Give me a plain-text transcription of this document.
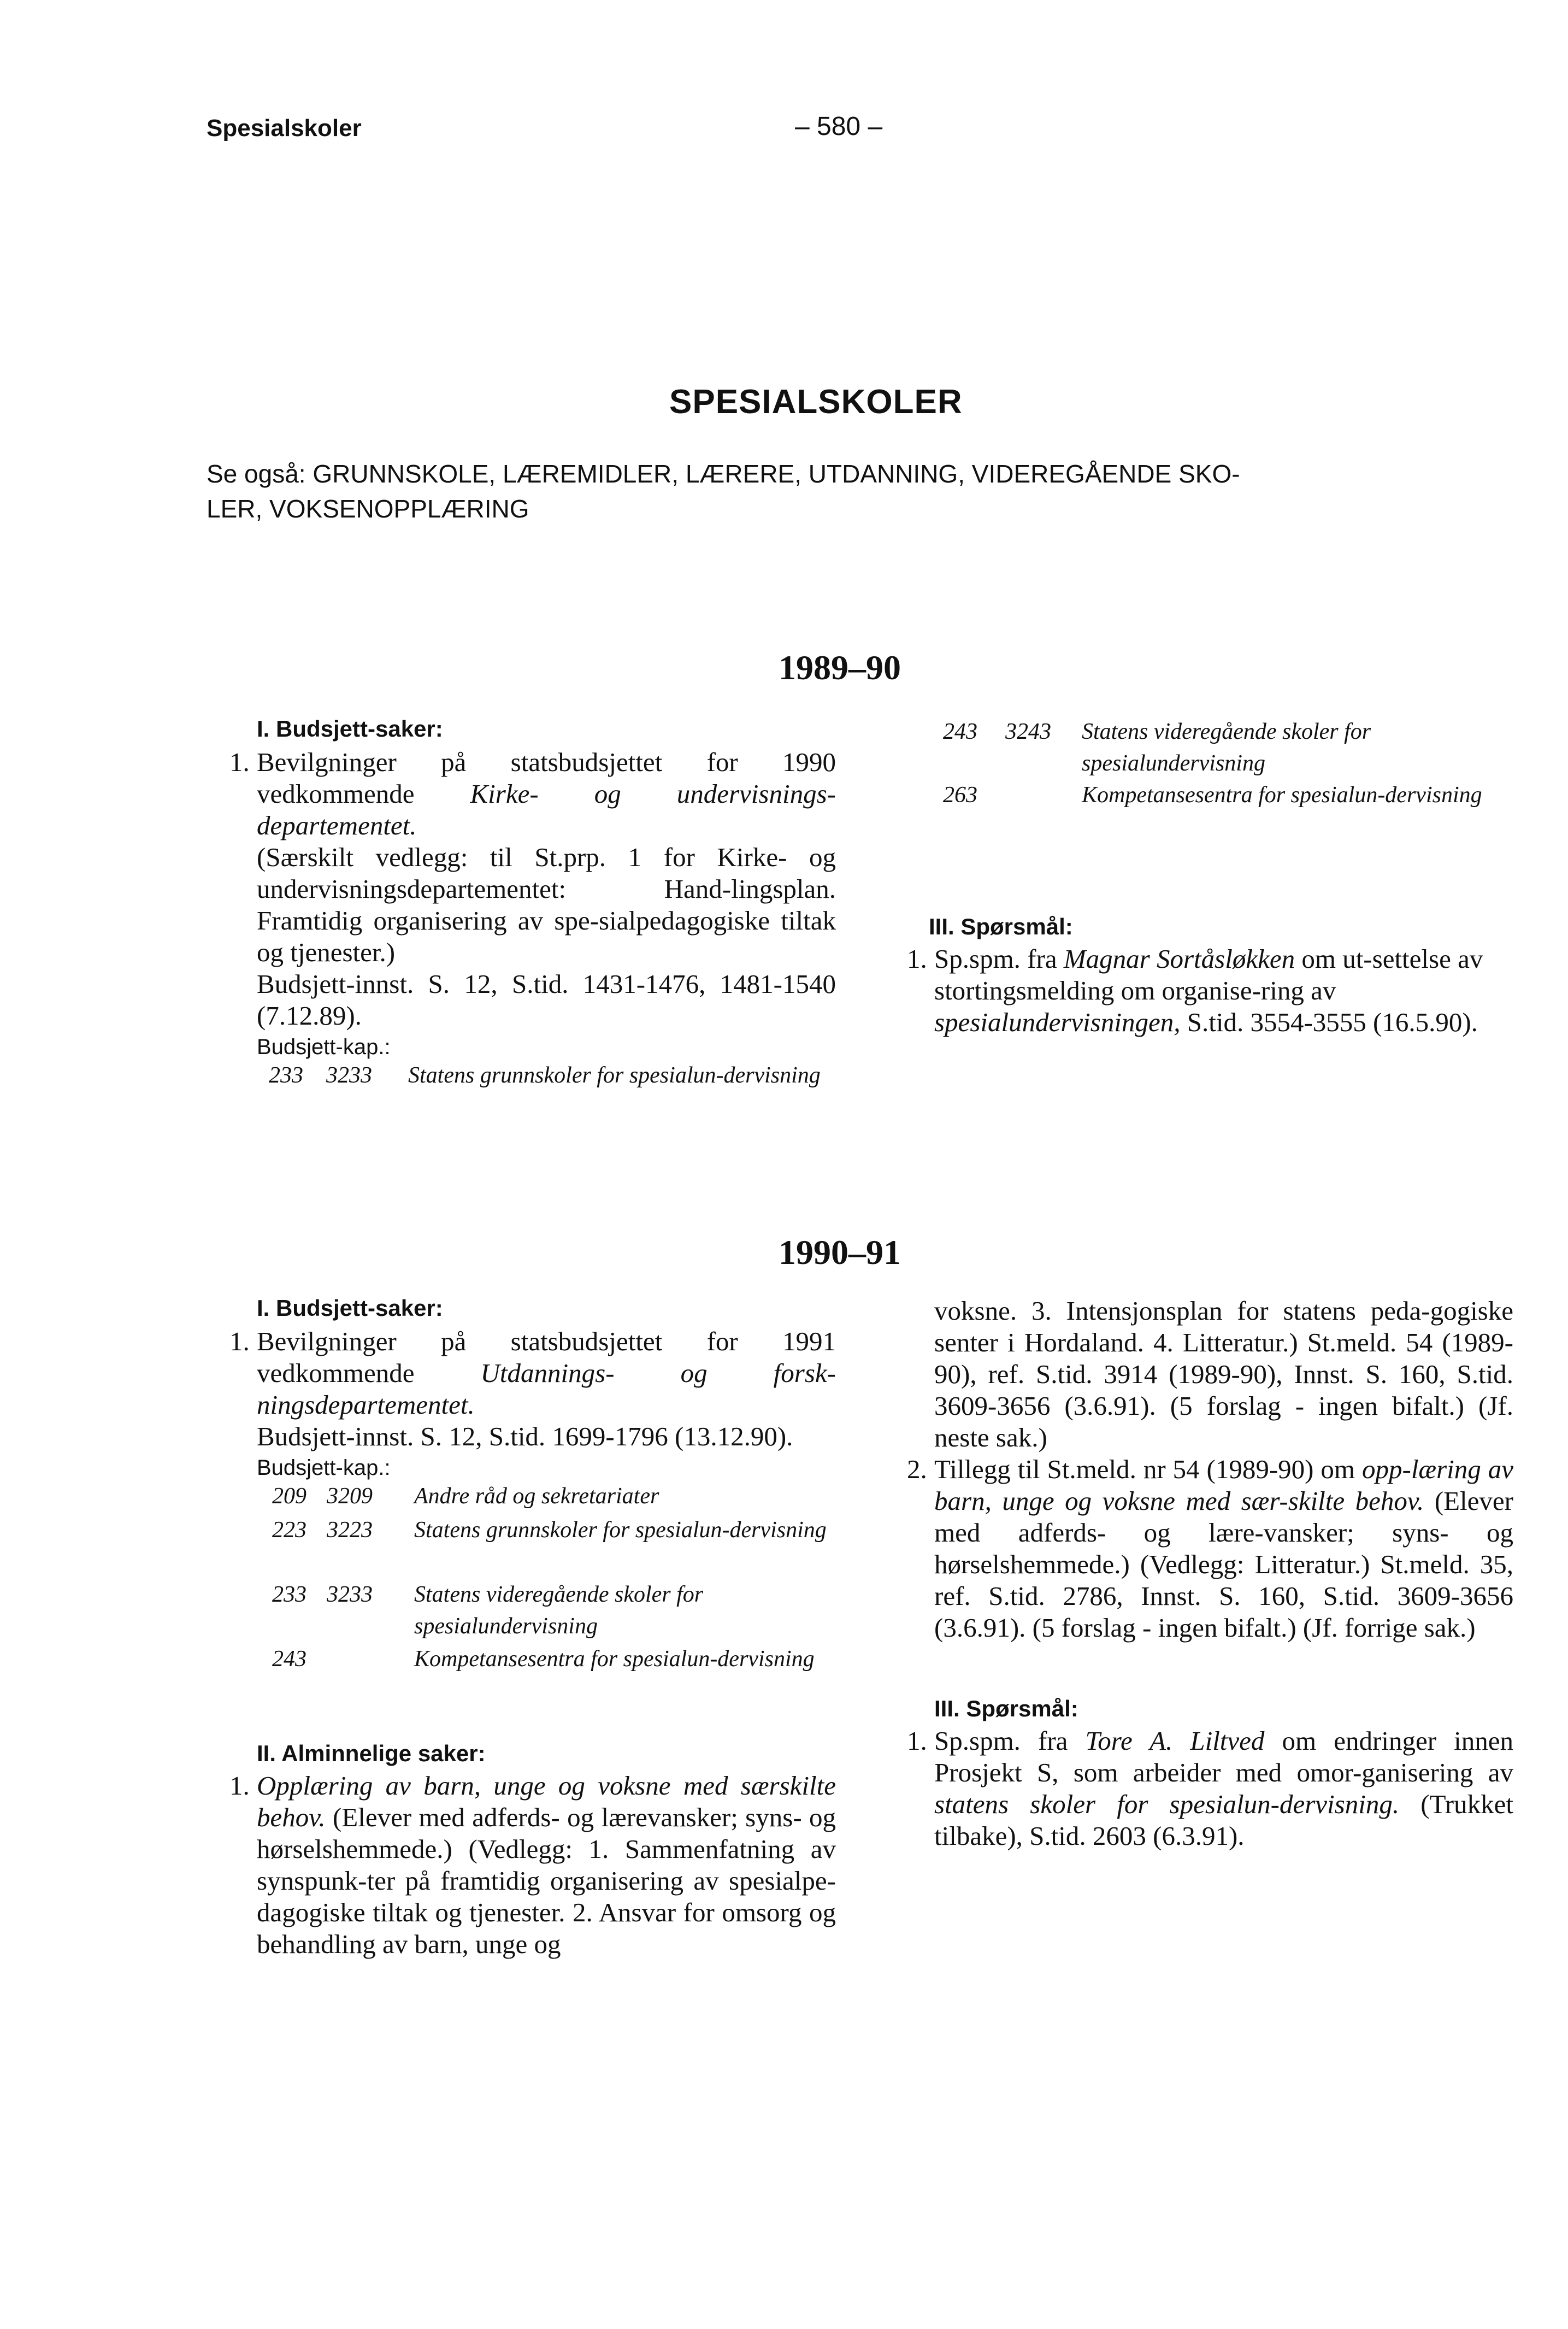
Spesialskoler	– 580 –
SPESIALSKOLER
Se også: GRUNNSKOLE, LÆREMIDLER, LÆRERE, UTDANNING, VIDEREGÅENDE SKO-
LER, VOKSENOPPLÆRING
1989–90
I. Budsjett-saker:
1. Bevilgninger på statsbudsjettet for 1990 vedkommende Kirke- og undervisnings-departementet.
(Særskilt vedlegg: til St.prp. 1 for Kirke- og undervisningsdepartementet: Hand-lingsplan. Framtidig organisering av spe-sialpedagogiske tiltak og tjenester.)
Budsjett-innst. S. 12, S.tid. 1431-1476, 1481-1540 (7.12.89).
Budsjett-kap.:
233 3233 Statens grunnskoler for spesialun-dervisning
243 3243 Statens videregående skoler for spesialundervisning
263	Kompetansesentra for spesialun-dervisning
III. Spørsmål:
1. Sp.spm. fra Magnar Sortåsløkken om ut-settelse av stortingsmelding om organise-ring av spesialundervisningen, S.tid. 3554-3555 (16.5.90).
1990–91
I. Budsjett-saker:
1. Bevilgninger på statsbudsjettet for 1991 vedkommende Utdannings- og forsk-ningsdepartementet.
Budsjett-innst. S. 12, S.tid. 1699-1796 (13.12.90).
Budsjett-kap.:
209 3209 Andre råd og sekretariater
223 3223 Statens grunnskoler for spesialun-dervisning
233 3233 Statens videregående skoler for spesialundervisning
243	Kompetansesentra for spesialun-dervisning
II. Alminnelige saker:
1. Opplæring av barn, unge og voksne med særskilte behov. (Elever med adferds- og lærevansker; syns- og hørselshemmede.) (Vedlegg: 1. Sammenfatning av synspunk-ter på framtidig organisering av spesialpe-dagogiske tiltak og tjenester. 2. Ansvar for omsorg og behandling av barn, unge og
voksne. 3. Intensjonsplan for statens peda-gogiske senter i Hordaland. 4. Litteratur.) St.meld. 54 (1989-90), ref. S.tid. 3914 (1989-90), Innst. S. 160, S.tid. 3609-3656 (3.6.91). (5 forslag - ingen bifalt.) (Jf. neste sak.)
2. Tillegg til St.meld. nr 54 (1989-90) om opp-læring av barn, unge og voksne med sær-skilte behov. (Elever med adferds- og lære-vansker; syns- og hørselshemmede.) (Vedlegg: Litteratur.) St.meld. 35, ref. S.tid. 2786, Innst. S. 160, S.tid. 3609-3656 (3.6.91). (5 forslag - ingen bifalt.) (Jf. forrige sak.)
III. Spørsmål:
1. Sp.spm. fra Tore A. Liltved om endringer innen Prosjekt S, som arbeider med omor-ganisering av statens skoler for spesialun-dervisning. (Trukket tilbake), S.tid. 2603 (6.3.91).
